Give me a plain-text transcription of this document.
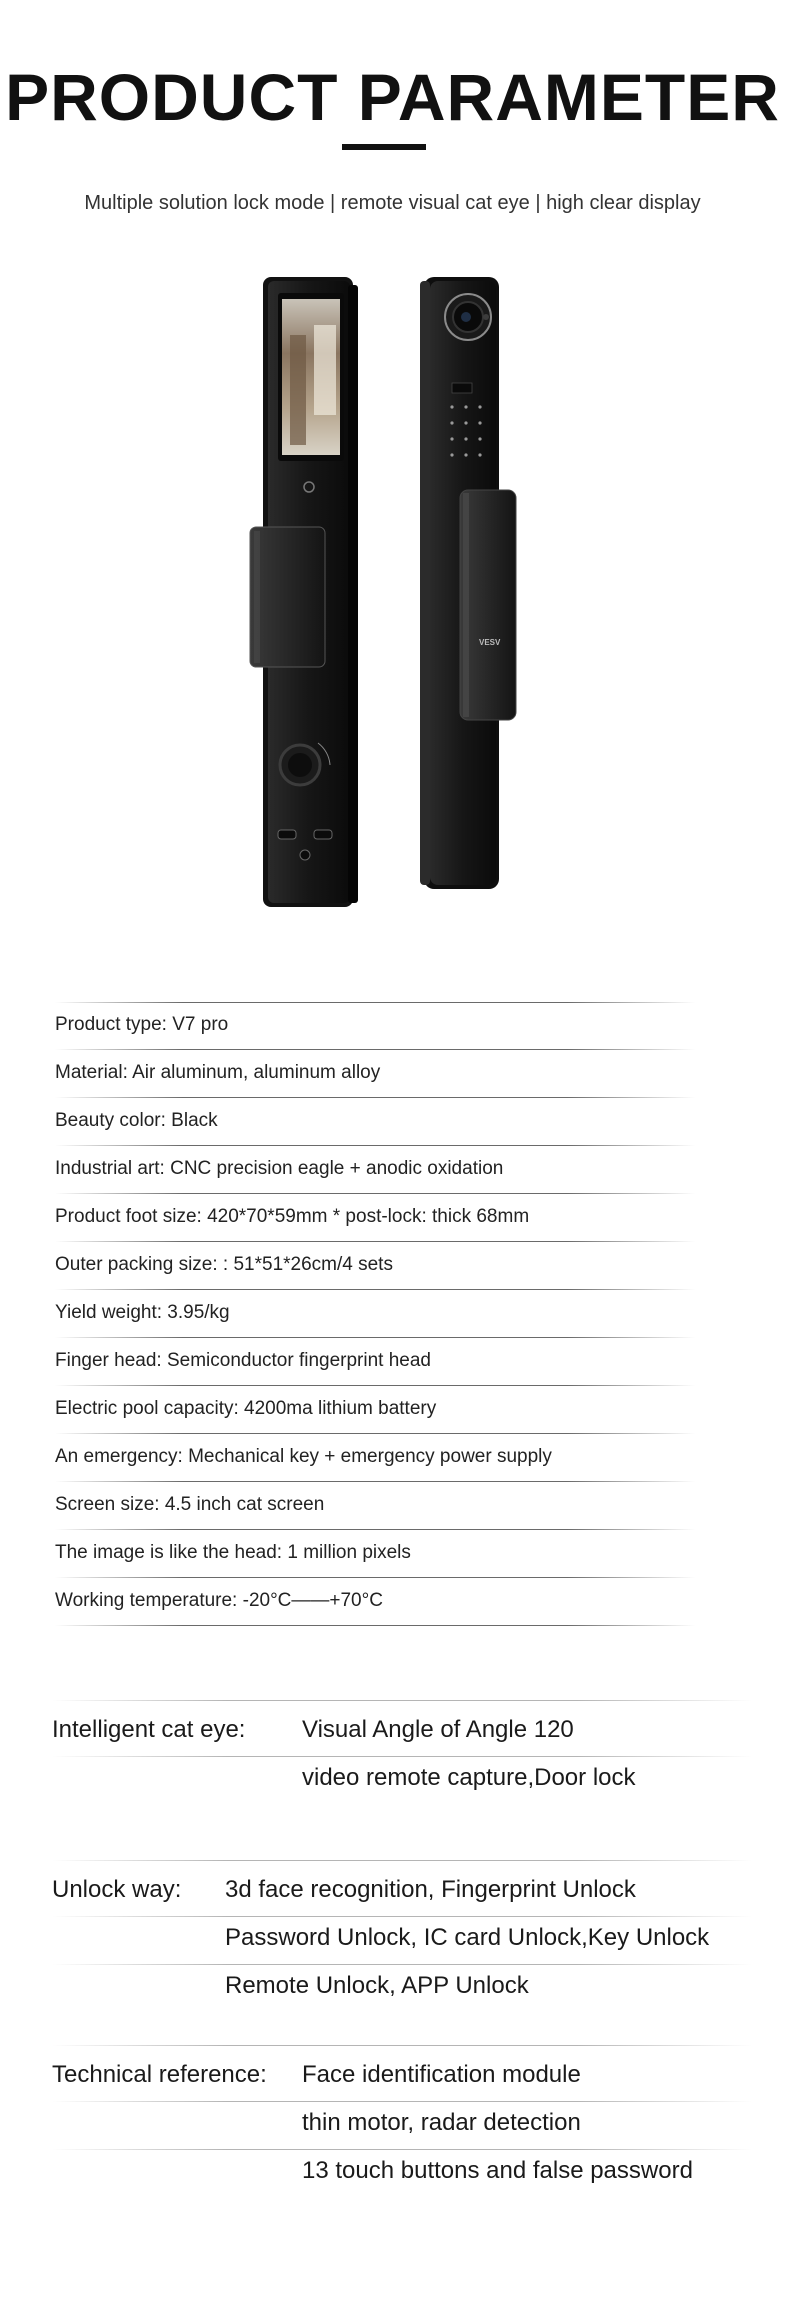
PRODUCT PARAMETER
Multiple solution lock mode | remote visual cat eye | high clear display
VESV
Product type: V7 pro
Material: Air aluminum, aluminum alloy
Beauty color: Black
Industrial art: CNC precision eagle + anodic oxidation
Product foot size: 420*70*59mm * post-lock: thick 68mm
Outer packing size: : 51*51*26cm/4 sets
Yield weight: 3.95/kg
Finger head: Semiconductor fingerprint head
Electric pool capacity: 4200ma lithium battery
An emergency: Mechanical key + emergency power supply
Screen size: 4.5 inch cat screen
The image is like the head: 1 million pixels
Working temperature: -20°C——+70°C
Intelligent cat eye: Visual Angle of Angle 120
video remote capture,Door lock
Unlock way: 3d face recognition, Fingerprint Unlock
Password Unlock, IC card Unlock,Key Unlock
Remote Unlock, APP Unlock
Technical reference: Face identification module
thin motor, radar detection
13 touch buttons and false password
